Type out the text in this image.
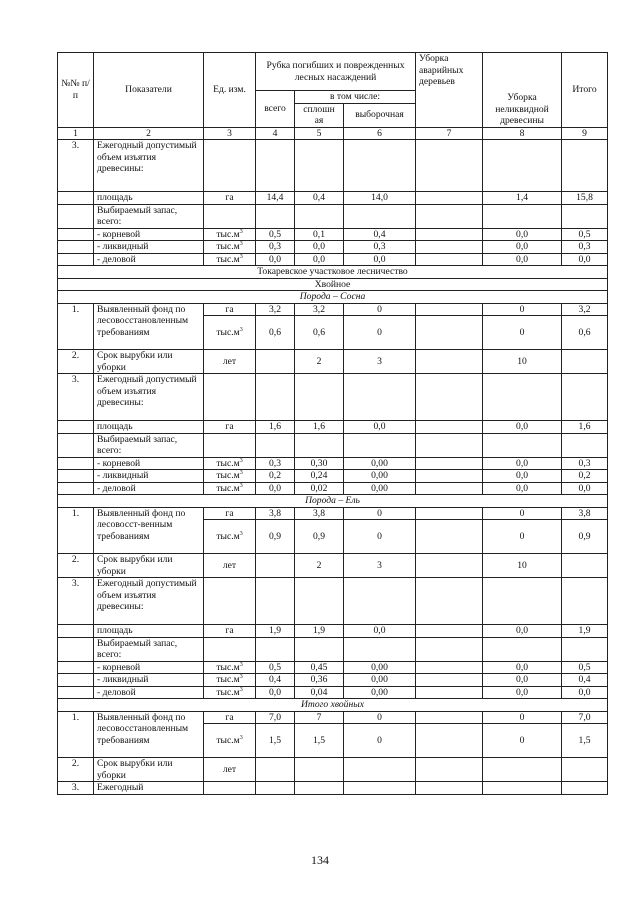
№№ п/п	Показатели	Ед. изм.	Рубка погибших и поврежденных лесных насаждений			Уборка аварийных деревьев	Уборка неликвидной древесины	Итого
			всего	в том числе:				
				сплошн ая	выборочная			
1	2	3	4	5	6	7	8	9
3.	Ежегодный допустимый объем изъятия древесины:							
	площадь	га	14,4	0,4	14,0		1,4	15,8
	Выбираемый запас, всего:							
	- корневой	$тыс.м^3$	0,5	0,1	0,4		0,0	0,5
	- ликвидный	$тыс.м^3$	0,3	0,0	0,3		0,0	0,3
	- деловой	$тыс.м^3$	0,0	0,0	0,0		0,0	0,0
Токаревское участковое лесничество								
Хвойное								
Порода – Сосна								
1.	Выявленный фонд по лесовосстановленным требованиям	га	3,2	3,2	0		0	3,2
		$тыс.м^3$	0,6	0,6	0		0	0,6
2.	Срок вырубки или уборки	лет		2	3		10	
3.	Ежегодный допустимый объем изъятия древесины:							
	площадь	га	1,6	1,6	0,0		0,0	1,6
	Выбираемый запас, всего:							
	- корневой	$тыс.м^3$	0,3	0,30	0,00		0,0	0,3
	- ликвидный	$тыс.м^3$	0,2	0,24	0,00		0,0	0,2
	- деловой	$тыс.м^3$	0,0	0,02	0,00		0,0	0,0
Порода – Ель								
1.	Выявленный фонд по лесовосст-венным требованиям	га	3,8	3,8	0		0	3,8
		$тыс.м^3$	0,9	0,9	0		0	0,9
2.	Срок вырубки или уборки	лет		2	3		10	
3.	Ежегодный допустимый объем изъятия древесины:							
	площадь	га	1,9	1,9	0,0		0,0	1,9
	Выбираемый запас, всего:							
	- корневой	$тыс.м^3$	0,5	0,45	0,00		0,0	0,5
	- ликвидный	$тыс.м^3$	0,4	0,36	0,00		0,0	0,4
	- деловой	$тыс.м^3$	0,0	0,04	0,00		0,0	0,0
Итого хвойных								
1.	Выявленный фонд по лесовосстановленным требованиям	га	7,0	7	0		0	7,0
		$тыс.м^3$	1,5	1,5	0		0	1,5
2.	Срок вырубки или уборки	лет						
3.	Ежегодный							
134
